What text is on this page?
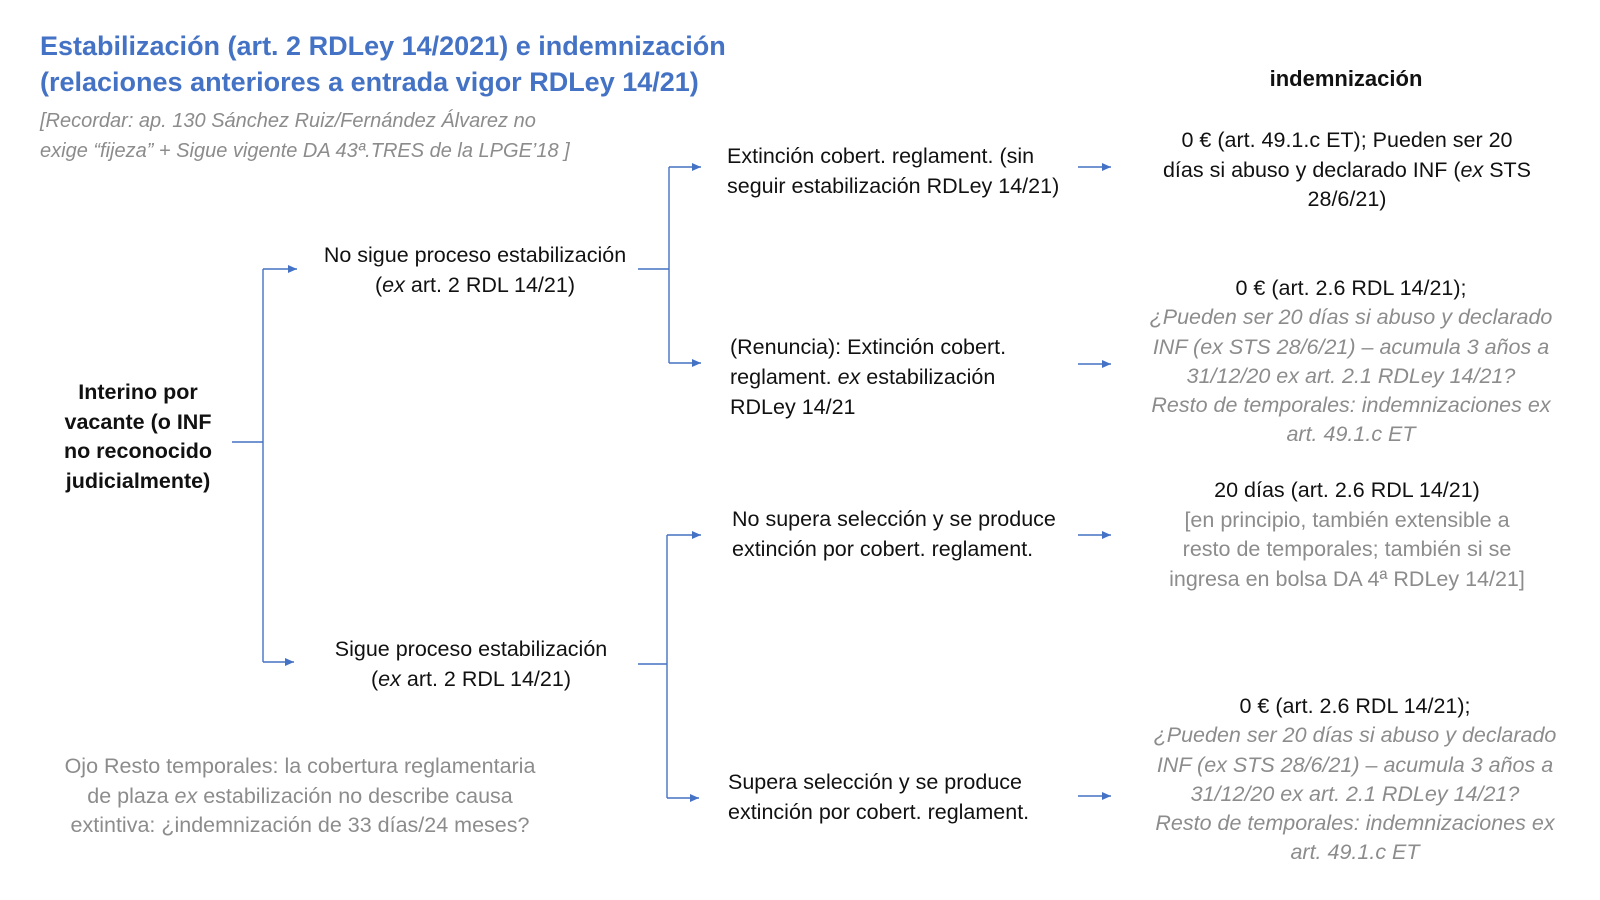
Estabilización (art. 2 RDLey 14/2021) e indemnización
(relaciones anteriores a entrada vigor RDLey 14/21)
[Recordar: ap. 130 Sánchez Ruiz/Fernández Álvarez no
exige “fijeza” + Sigue vigente DA 43ª.TRES de la LPGE’18 ]
indemnización
Interino por
vacante (o INF
no reconocido
judicialmente)
No sigue proceso estabilización
(ex art. 2 RDL 14/21)
Sigue proceso estabilización
(ex art. 2 RDL 14/21)
Extinción cobert. reglament. (sin
seguir estabilización RDLey 14/21)
(Renuncia): Extinción cobert.
reglament. ex estabilización
RDLey 14/21
No supera selección y se produce
extinción por cobert. reglament.
Supera selección y se produce
extinción por cobert. reglament.
0 € (art. 49.1.c ET); Pueden ser 20
días si abuso y declarado INF (ex STS
28/6/21)
0 € (art. 2.6 RDL 14/21);
¿Pueden ser 20 días si abuso y declarado
INF (ex STS 28/6/21) – acumula 3 años a
31/12/20 ex art. 2.1 RDLey 14/21?
Resto de temporales: indemnizaciones ex
art. 49.1.c ET
20 días (art. 2.6 RDL 14/21)
[en principio, también extensible a
resto de temporales; también si se
ingresa en bolsa DA 4ª RDLey 14/21]
0 € (art. 2.6 RDL 14/21);
¿Pueden ser 20 días si abuso y declarado
INF (ex STS 28/6/21) – acumula 3 años a
31/12/20 ex art. 2.1 RDLey 14/21?
Resto de temporales: indemnizaciones ex
art. 49.1.c ET
Ojo Resto temporales: la cobertura reglamentaria
de plaza ex estabilización no describe causa
extintiva: ¿indemnización de 33 días/24 meses?
